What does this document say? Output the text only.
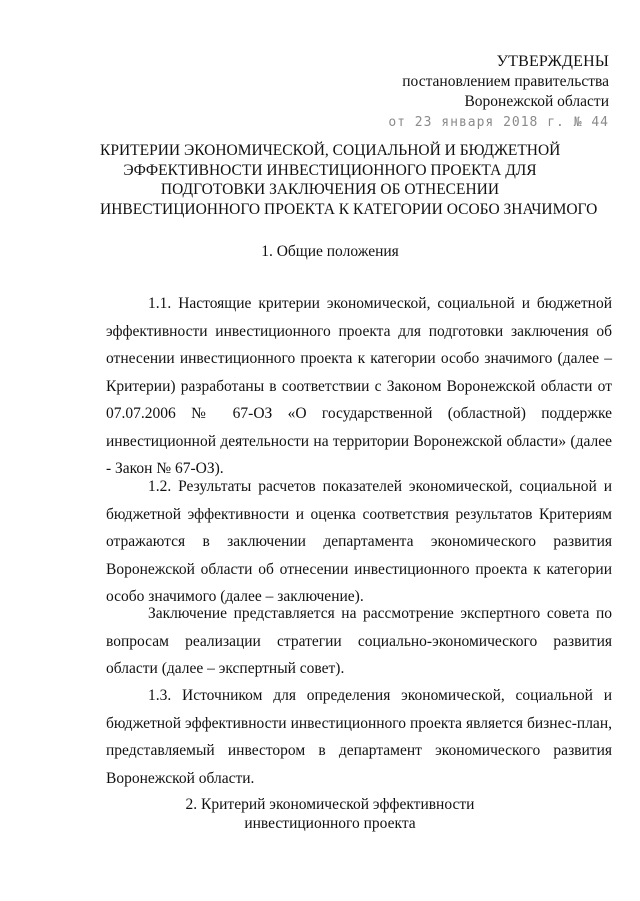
УТВЕРЖДЕНЫ
постановлением правительства
Воронежской области
от 23 января 2018 г. № 44
КРИТЕРИИ ЭКОНОМИЧЕСКОЙ, СОЦИАЛЬНОЙ И БЮДЖЕТНОЙ
ЭФФЕКТИВНОСТИ ИНВЕСТИЦИОННОГО ПРОЕКТА ДЛЯ
ПОДГОТОВКИ ЗАКЛЮЧЕНИЯ ОБ ОТНЕСЕНИИ
ИНВЕСТИЦИОННОГО ПРОЕКТА К КАТЕГОРИИ ОСОБО ЗНАЧИМОГО
1. Общие положения

1.1. Настоящие критерии экономической, социальной и бюджетной эффективности инвестиционного проекта для подготовки заключения об отнесении инвестиционного проекта к категории особо значимого (далее – Критерии) разработаны в соответствии с Законом Воронежской области от 07.07.2006 № 67-ОЗ «О государственной (областной) поддержке инвестиционной деятельности на территории Воронежской области» (далее - Закон № 67-ОЗ).

1.2. Результаты расчетов показателей экономической, социальной и бюджетной эффективности и оценка соответствия результатов Критериям отражаются в заключении департамента экономического развития Воронежской области об отнесении инвестиционного проекта к категории особо значимого (далее – заключение).

Заключение представляется на рассмотрение экспертного совета по вопросам реализации стратегии социально-экономического развития области (далее – экспертный совет).

1.3. Источником для определения экономической, социальной и бюджетной эффективности инвестиционного проекта является бизнес-план, представляемый инвестором в департамент экономического развития Воронежской области.

2. Критерий экономической эффективности
инвестиционного проекта
